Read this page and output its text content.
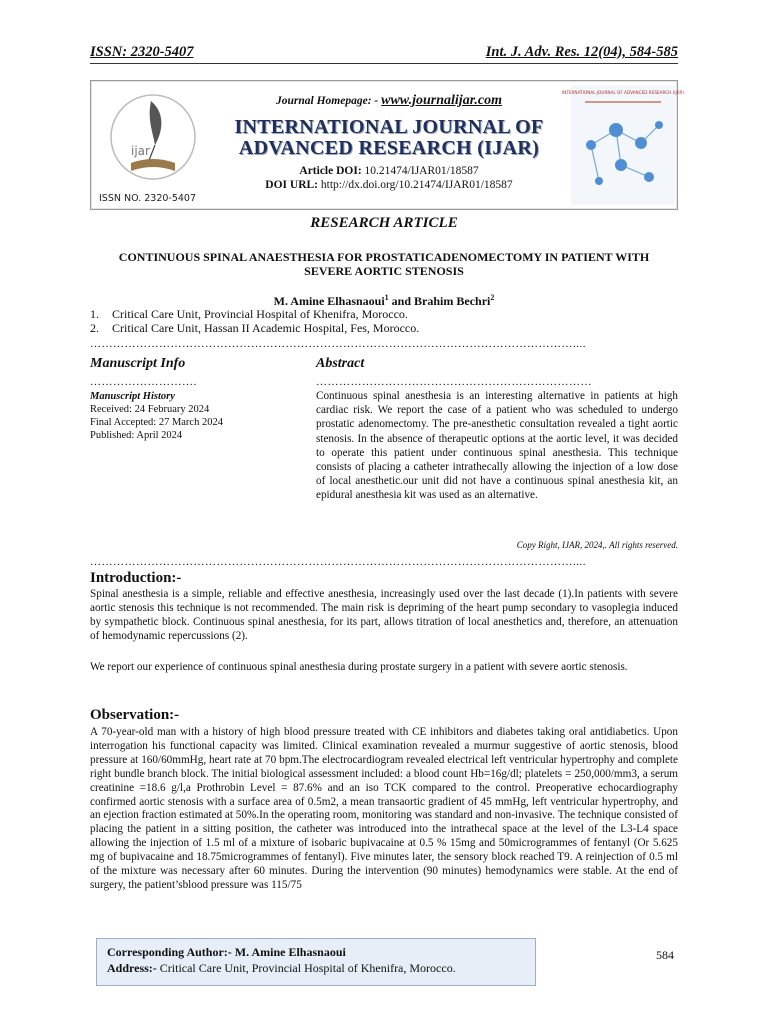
ISSN: 2320-5407	Int. J. Adv. Res. 12(04), 584-585
ijar
ISSN NO. 2320-5407
Journal Homepage: - www.journalijar.com
INTERNATIONAL JOURNAL OF
ADVANCED RESEARCH (IJAR)
Article DOI: 10.21474/IJAR01/18587
DOI URL: http://dx.doi.org/10.21474/IJAR01/18587
INTERNATIONAL JOURNAL OF ADVANCED RESEARCH (IJAR)
RESEARCH ARTICLE
CONTINUOUS SPINAL ANAESTHESIA FOR PROSTATICADENOMECTOMY IN PATIENT WITH
SEVERE AORTIC STENOSIS
M. Amine Elhasnaoui$^1$ and Brahim Bechri$^2$
1.	Critical Care Unit, Provincial Hospital of Khenifra, Morocco.
2.	Critical Care Unit, Hassan II Academic Hospital, Fes, Morocco.
………………………………………………………………………………………………………………....
Manuscript Info	Abstract
……………………….	………………………………………………………………
Manuscript History
Received: 24 February 2024
Final Accepted: 27 March 2024
Published: April 2024
Continuous spinal anesthesia is an interesting alternative in patients at high cardiac risk. We report the case of a patient who was scheduled to undergo prostatic adenomectomy. The pre-anesthetic consultation revealed a tight aortic stenosis. In the absence of therapeutic options at the aortic level, it was decided to operate this patient under continuous spinal anesthesia. This technique consists of placing a catheter intrathecally allowing the injection of a low dose of local anesthetic.our unit did not have a continuous spinal anesthesia kit, an epidural anesthesia kit was used as an alternative.
Copy Right, IJAR, 2024,. All rights reserved.
………………………………………………………………………………………………………………....
Introduction:-
Spinal anesthesia is a simple, reliable and effective anesthesia, increasingly used over the last decade (1).In patients with severe aortic stenosis this technique is not recommended. The main risk is depriming of the heart pump secondary to vasoplegia induced by sympathetic block. Continuous spinal anesthesia, for its part, allows titration of local anesthetics and, therefore, an attenuation of hemodynamic repercussions (2).
We report our experience of continuous spinal anesthesia during prostate surgery in a patient with severe aortic stenosis.
Observation:-
A 70-year-old man with a history of high blood pressure treated with CE inhibitors and diabetes taking oral antidiabetics. Upon interrogation his functional capacity was limited. Clinical examination revealed a murmur suggestive of aortic stenosis, blood pressure at 160/60mmHg, heart rate at 70 bpm.The electrocardiogram revealed electrical left ventricular hypertrophy and complete right bundle branch block. The initial biological assessment included: a blood count Hb=16g/dl; platelets = 250,000/mm3, a serum creatinine =18.6 g/l,a Prothrobin Level = 87.6% and an iso TCK compared to the control. Preoperative echocardiography confirmed aortic stenosis with a surface area of 0.5m2, a mean transaortic gradient of 45 mmHg, left ventricular hypertrophy, and an ejection fraction estimated at 50%.In the operating room, monitoring was standard and non-invasive. The technique consisted of placing the patient in a sitting position, the catheter was introduced into the intrathecal space at the level of the L3-L4 space allowing the injection of 1.5 ml of a mixture of isobaric bupivacaine at 0.5 % 15mg and 50microgrammes of fentanyl (Or 5.625 mg of bupivacaine and 18.75microgrammes of fentanyl). Five minutes later, the sensory block reached T9. A reinjection of 0.5 ml of the mixture was necessary after 60 minutes. During the intervention (90 minutes) hemodynamics were stable. At the end of surgery, the patient’sblood pressure was 115/75
Corresponding Author:- M. Amine Elhasnaoui
Address:- Critical Care Unit, Provincial Hospital of Khenifra, Morocco.
584
